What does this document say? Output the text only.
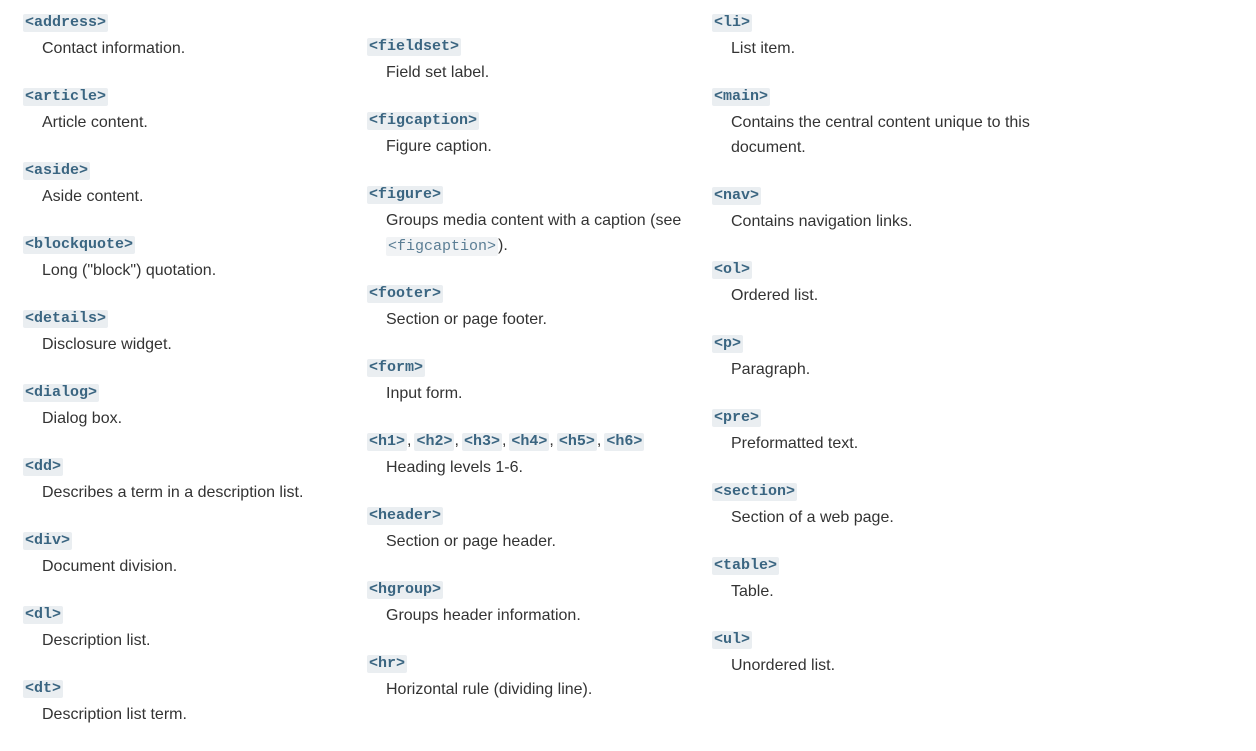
<address>
Contact information.
<article>
Article content.
<aside>
Aside content.
<blockquote>
Long ("block") quotation.
<details>
Disclosure widget.
<dialog>
Dialog box.
<dd>
Describes a term in a description list.
<div>
Document division.
<dl>
Description list.
<dt>
Description list term.
<fieldset>
Field set label.
<figcaption>
Figure caption.
<figure>
Groups media content with a caption (see <figcaption> ).
<footer>
Section or page footer.
<form>
Input form.
<h1> , <h2> , <h3> , <h4> , <h5> , <h6>
Heading levels 1-6.
<header>
Section or page header.
<hgroup>
Groups header information.
<hr>
Horizontal rule (dividing line).
<li>
List item.
<main>
Contains the central content unique to this document.
<nav>
Contains navigation links.
<ol>
Ordered list.
<p>
Paragraph.
<pre>
Preformatted text.
<section>
Section of a web page.
<table>
Table.
<ul>
Unordered list.
